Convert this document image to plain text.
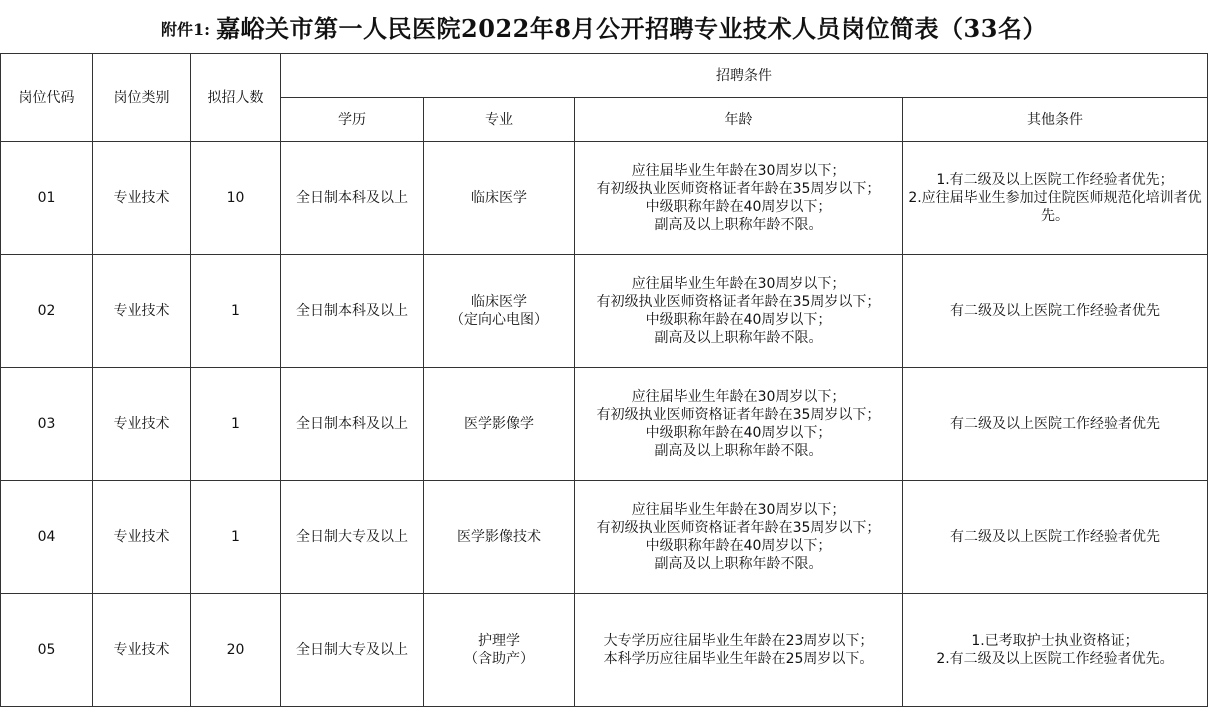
附件1: 嘉峪关市第一人民医院2022年8月公开招聘专业技术人员岗位简表（33名）
岗位代码	岗位类别	拟招人数	招聘条件			
			学历	专业	年龄	其他条件
01	专业技术	10	全日制本科及以上	临床医学	应往届毕业生年龄在30周岁以下；
有初级执业医师资格证者年龄在35周岁以下；
中级职称年龄在40周岁以下；
副高及以上职称年龄不限。	1.有二级及以上医院工作经验者优先；
2.应往届毕业生参加过住院医师规范化培训者优先。

02	专业技术	1	全日制本科及以上	临床医学
（定向心电图）	应往届毕业生年龄在30周岁以下；
有初级执业医师资格证者年龄在35周岁以下；
中级职称年龄在40周岁以下；
副高及以上职称年龄不限。	有二级及以上医院工作经验者优先

03	专业技术	1	全日制本科及以上	医学影像学	应往届毕业生年龄在30周岁以下；
有初级执业医师资格证者年龄在35周岁以下；
中级职称年龄在40周岁以下；
副高及以上职称年龄不限。	有二级及以上医院工作经验者优先

04	专业技术	1	全日制大专及以上	医学影像技术	应往届毕业生年龄在30周岁以下；
有初级执业医师资格证者年龄在35周岁以下；
中级职称年龄在40周岁以下；
副高及以上职称年龄不限。	有二级及以上医院工作经验者优先

05	专业技术	20	全日制大专及以上	护理学
（含助产）	大专学历应往届毕业生年龄在23周岁以下；
本科学历应往届毕业生年龄在25周岁以下。	1.已考取护士执业资格证；
2.有二级及以上医院工作经验者优先。
